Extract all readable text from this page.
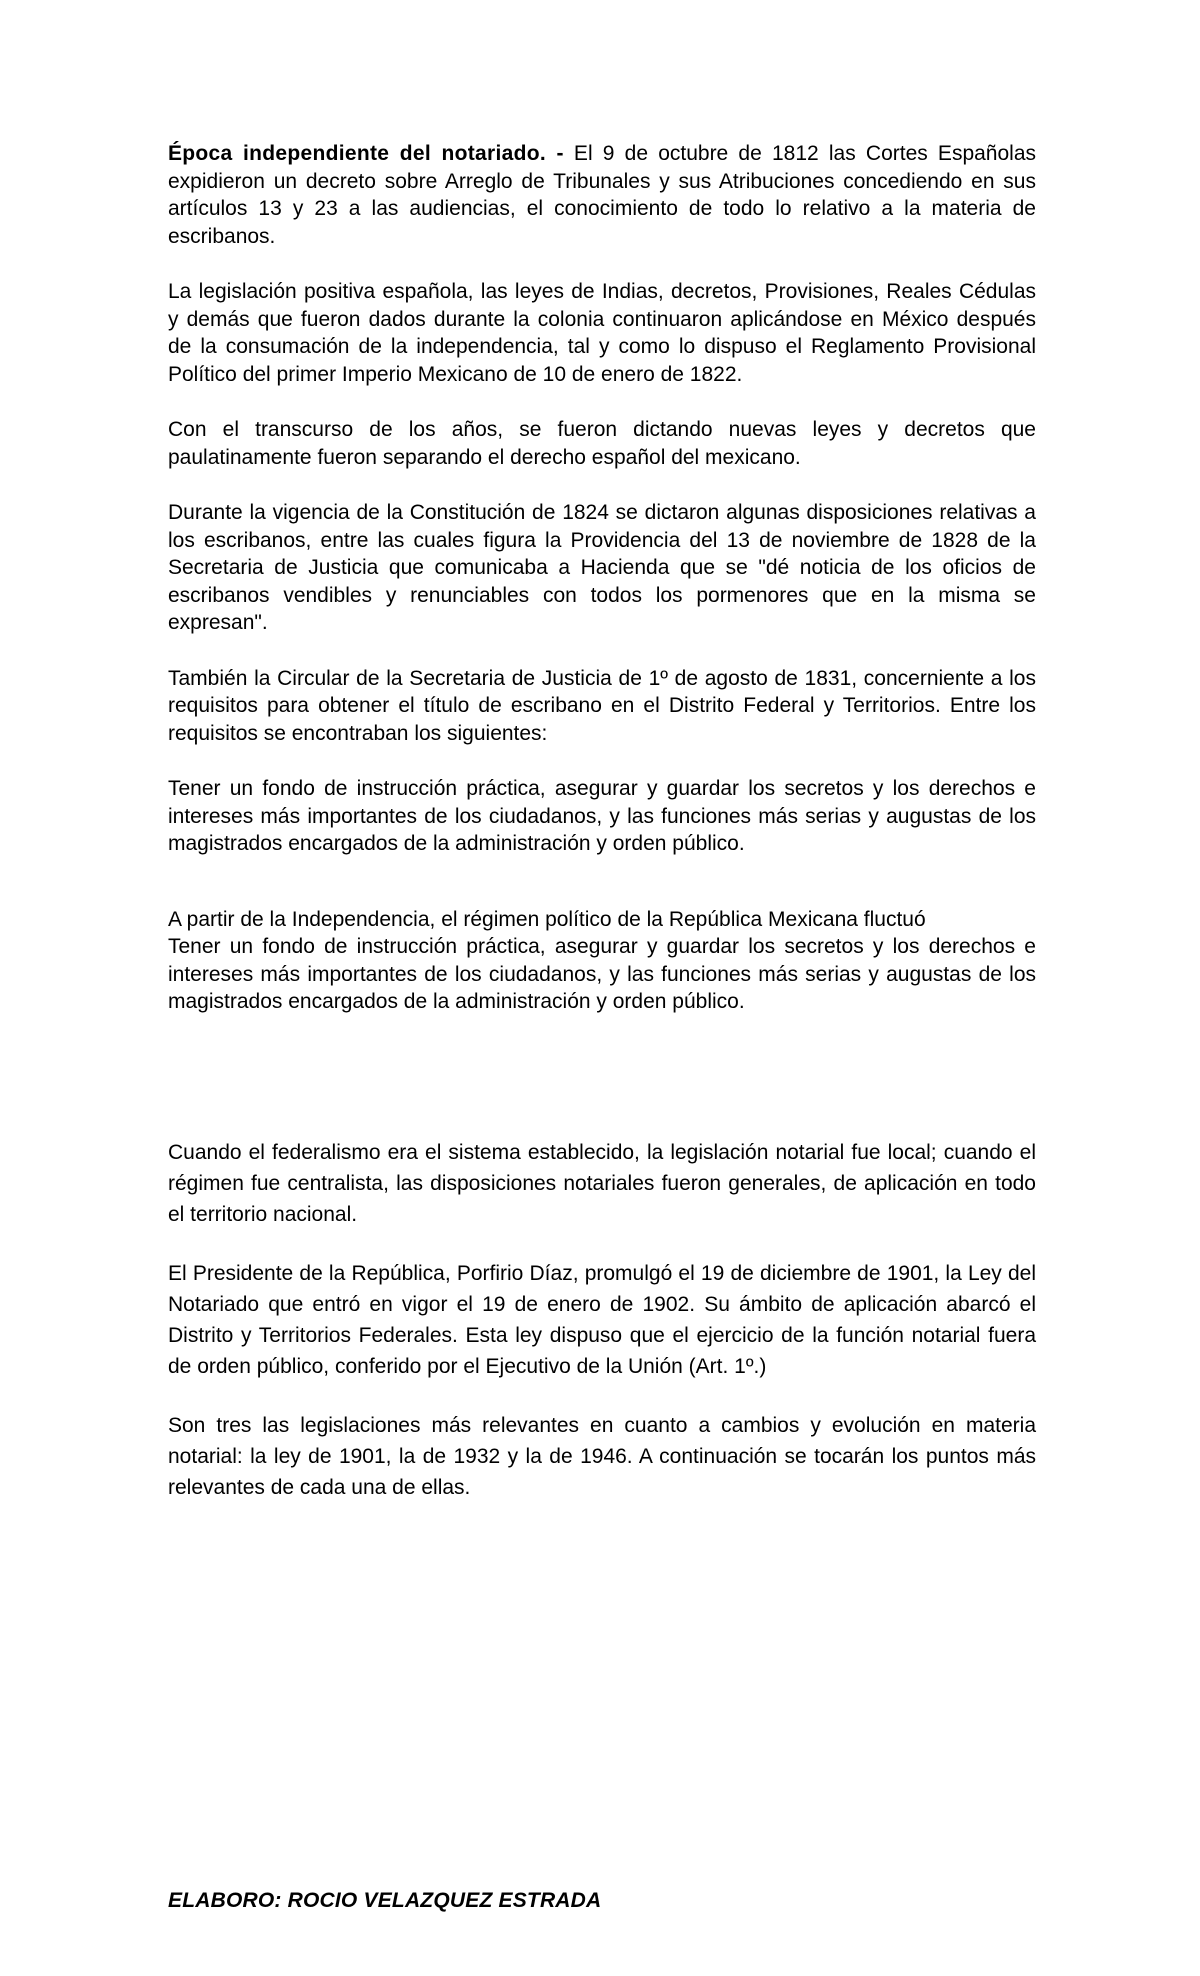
Época independiente del notariado. - El 9 de octubre de 1812 las Cortes Españolas expidieron un decreto sobre Arreglo de Tribunales y sus Atribuciones concediendo en sus artículos 13 y 23 a las audiencias, el conocimiento de todo lo relativo a la materia de escribanos.

La legislación positiva española, las leyes de Indias, decretos, Provisiones, Reales Cédulas y demás que fueron dados durante la colonia continuaron aplicándose en México después de la consumación de la independencia, tal y como lo dispuso el Reglamento Provisional Político del primer Imperio Mexicano de 10 de enero de 1822.

Con el transcurso de los años, se fueron dictando nuevas leyes y decretos que paulatinamente fueron separando el derecho español del mexicano.

Durante la vigencia de la Constitución de 1824 se dictaron algunas disposiciones relativas a los escribanos, entre las cuales figura la Providencia del 13 de noviembre de 1828 de la Secretaria de Justicia que comunicaba a Hacienda que se "dé noticia de los oficios de escribanos vendibles y renunciables con todos los pormenores que en la misma se expresan".

También la Circular de la Secretaria de Justicia de 1º de agosto de 1831, concerniente a los requisitos para obtener el título de escribano en el Distrito Federal y Territorios. Entre los requisitos se encontraban los siguientes:

Tener un fondo de instrucción práctica, asegurar y guardar los secretos y los derechos e intereses más importantes de los ciudadanos, y las funciones más serias y augustas de los magistrados encargados de la administración y orden público.

A partir de la Independencia, el régimen político de la República Mexicana fluctuó
Tener un fondo de instrucción práctica, asegurar y guardar los secretos y los derechos e intereses más importantes de los ciudadanos, y las funciones más serias y augustas de los magistrados encargados de la administración y orden público.

Cuando el federalismo era el sistema establecido, la legislación notarial fue local; cuando el régimen fue centralista, las disposiciones notariales fueron generales, de aplicación en todo el territorio nacional.

El Presidente de la República, Porfirio Díaz, promulgó el 19 de diciembre de 1901, la Ley del Notariado que entró en vigor el 19 de enero de 1902. Su ámbito de aplicación abarcó el Distrito y Territorios Federales. Esta ley dispuso que el ejercicio de la función notarial fuera de orden público, conferido por el Ejecutivo de la Unión (Art. 1º.)

Son tres las legislaciones más relevantes en cuanto a cambios y evolución en materia notarial: la ley de 1901, la de 1932 y la de 1946. A continuación se tocarán los puntos más relevantes de cada una de ellas.

ELABORO: ROCIO VELAZQUEZ ESTRADA
